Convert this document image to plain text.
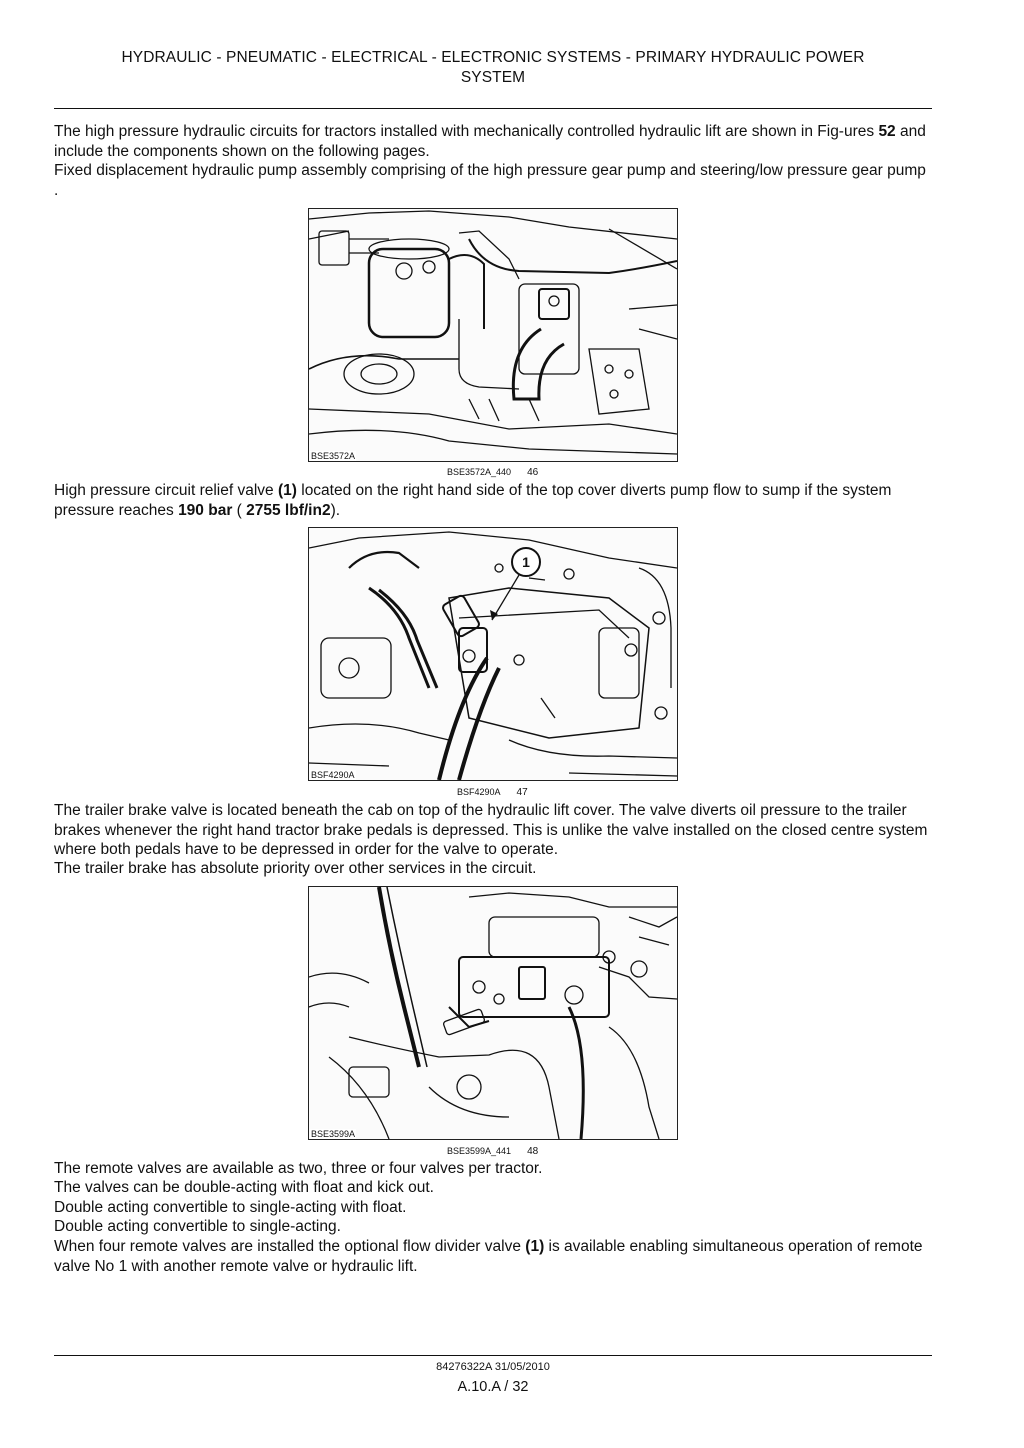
HYDRAULIC - PNEUMATIC - ELECTRICAL - ELECTRONIC SYSTEMS - PRIMARY HYDRAULIC POWER
SYSTEM

The high pressure hydraulic circuits for tractors installed with mechanically controlled hydraulic lift are shown in Fig-ures 52 and include the components shown on the following pages.

Fixed displacement hydraulic pump assembly comprising of the high pressure gear pump and steering/low pressure gear pump .

BSE3572A
BSE3572A_440 46

High pressure circuit relief valve (1) located on the right hand side of the top cover diverts pump flow to sump if the system pressure reaches 190 bar ( 2755 lbf/in2).

1
BSF4290A
BSF4290A 47

The trailer brake valve is located beneath the cab on top of the hydraulic lift cover. The valve diverts oil pressure to the trailer brakes whenever the right hand tractor brake pedals is depressed. This is unlike the valve installed on the closed centre system where both pedals have to be depressed in order for the valve to operate.

The trailer brake has absolute priority over other services in the circuit.

BSE3599A
BSE3599A_441 48

The remote valves are available as two, three or four valves per tractor.

The valves can be double-acting with float and kick out.

Double acting convertible to single-acting with float.

Double acting convertible to single-acting.

When four remote valves are installed the optional flow divider valve (1) is available enabling simultaneous operation of remote valve No 1 with another remote valve or hydraulic lift.

84276322A 31/05/2010
A.10.A / 32
